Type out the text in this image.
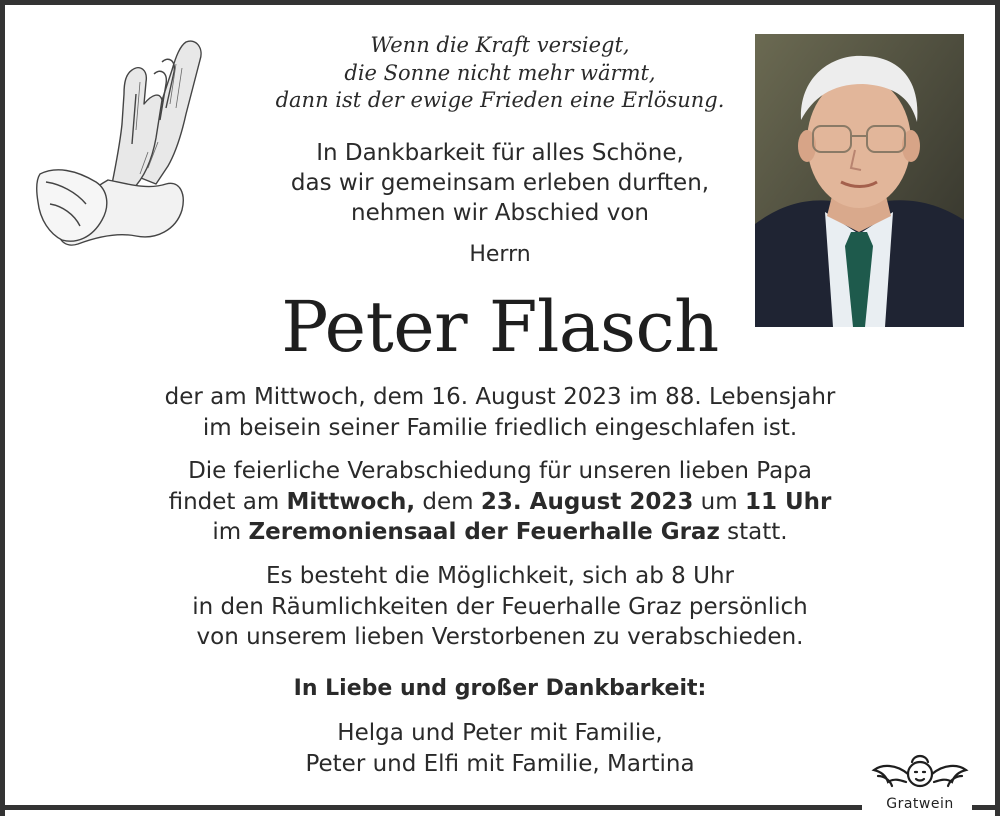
Wenn die Kraft versiegt,
die Sonne nicht mehr wärmt,
dann ist der ewige Frieden eine Erlösung.
In Dankbarkeit für alles Schöne,
das wir gemeinsam erleben durften,
nehmen wir Abschied von
Herrn
Peter Flasch
der am Mittwoch, dem 16. August 2023 im 88. Lebensjahr
im beisein seiner Familie friedlich eingeschlafen ist.
Die feierliche Verabschiedung für unseren lieben Papa
findet am Mittwoch, dem 23. August 2023 um 11 Uhr
im Zeremoniensaal der Feuerhalle Graz statt.
Es besteht die Möglichkeit, sich ab 8 Uhr
in den Räumlichkeiten der Feuerhalle Graz persönlich
von unserem lieben Verstorbenen zu verabschieden.
In Liebe und großer Dankbarkeit:
Helga und Peter mit Familie,
Peter und Elfi mit Familie, Martina
Gratwein
